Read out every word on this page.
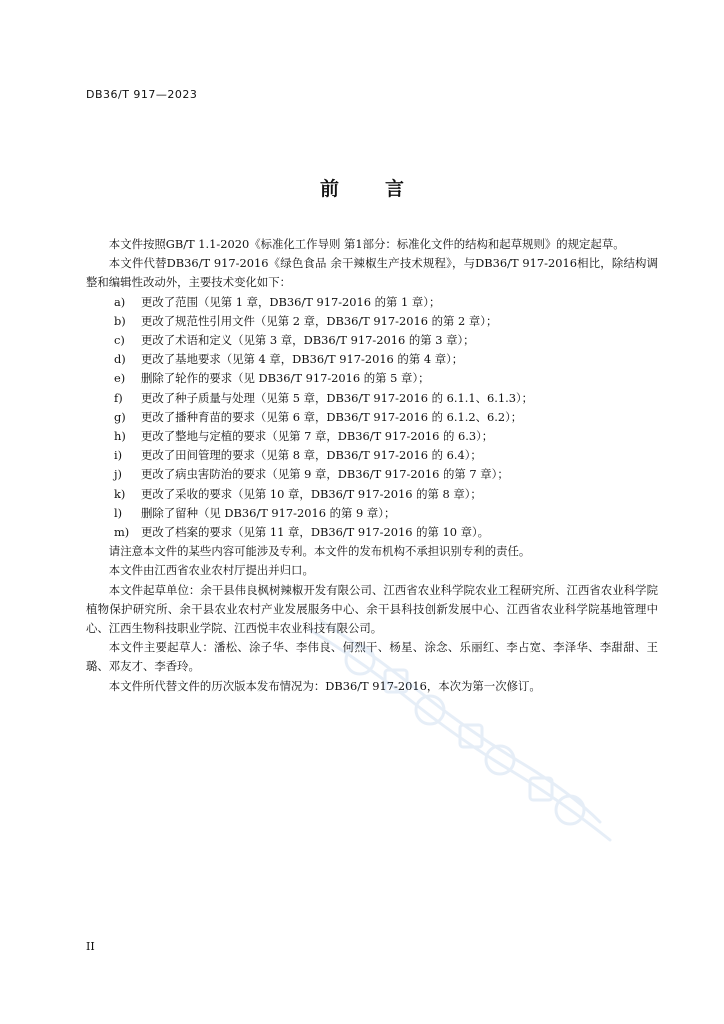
DB36/T 917—2023
前 言

本文件按照GB/T 1.1-2020《标准化工作导则 第1部分：标准化文件的结构和起草规则》的规定起草。

本文件代替DB36/T 917-2016《绿色食品 余干辣椒生产技术规程》，与DB36/T 917-2016相比，除结构调整和编辑性改动外，主要技术变化如下：

a)	更改了范围（见第 1 章，DB36/T 917-2016 的第 1 章）；

b)	更改了规范性引用文件（见第 2 章，DB36/T 917-2016 的第 2 章）；

c)	更改了术语和定义（见第 3 章，DB36/T 917-2016 的第 3 章）；

d)	更改了基地要求（见第 4 章，DB36/T 917-2016 的第 4 章）；

e)	删除了轮作的要求（见 DB36/T 917-2016 的第 5 章）；

f)	更改了种子质量与处理（见第 5 章，DB36/T 917-2016 的 6.1.1、6.1.3）；

g)	更改了播种育苗的要求（见第 6 章，DB36/T 917-2016 的 6.1.2、6.2）；

h)	更改了整地与定植的要求（见第 7 章，DB36/T 917-2016 的 6.3）；

i)	更改了田间管理的要求（见第 8 章，DB36/T 917-2016 的 6.4）；

j)	更改了病虫害防治的要求（见第 9 章，DB36/T 917-2016 的第 7 章）；

k)	更改了采收的要求（见第 10 章，DB36/T 917-2016 的第 8 章）；

l)	删除了留种（见 DB36/T 917-2016 的第 9 章）；

m)	更改了档案的要求（见第 11 章，DB36/T 917-2016 的第 10 章）。

请注意本文件的某些内容可能涉及专利。本文件的发布机构不承担识别专利的责任。

本文件由江西省农业农村厅提出并归口。

本文件起草单位：余干县伟良枫树辣椒开发有限公司、江西省农业科学院农业工程研究所、江西省农业科学院植物保护研究所、余干县农业农村产业发展服务中心、余干县科技创新发展中心、江西省农业科学院基地管理中心、江西生物科技职业学院、江西悦丰农业科技有限公司。

本文件主要起草人：潘松、涂子华、李伟良、何烈干、杨星、涂念、乐丽红、李占宽、李泽华、李甜甜、王璐、邓友才、李香玲。

本文件所代替文件的历次版本发布情况为：DB36/T 917-2016，本次为第一次修订。

II
